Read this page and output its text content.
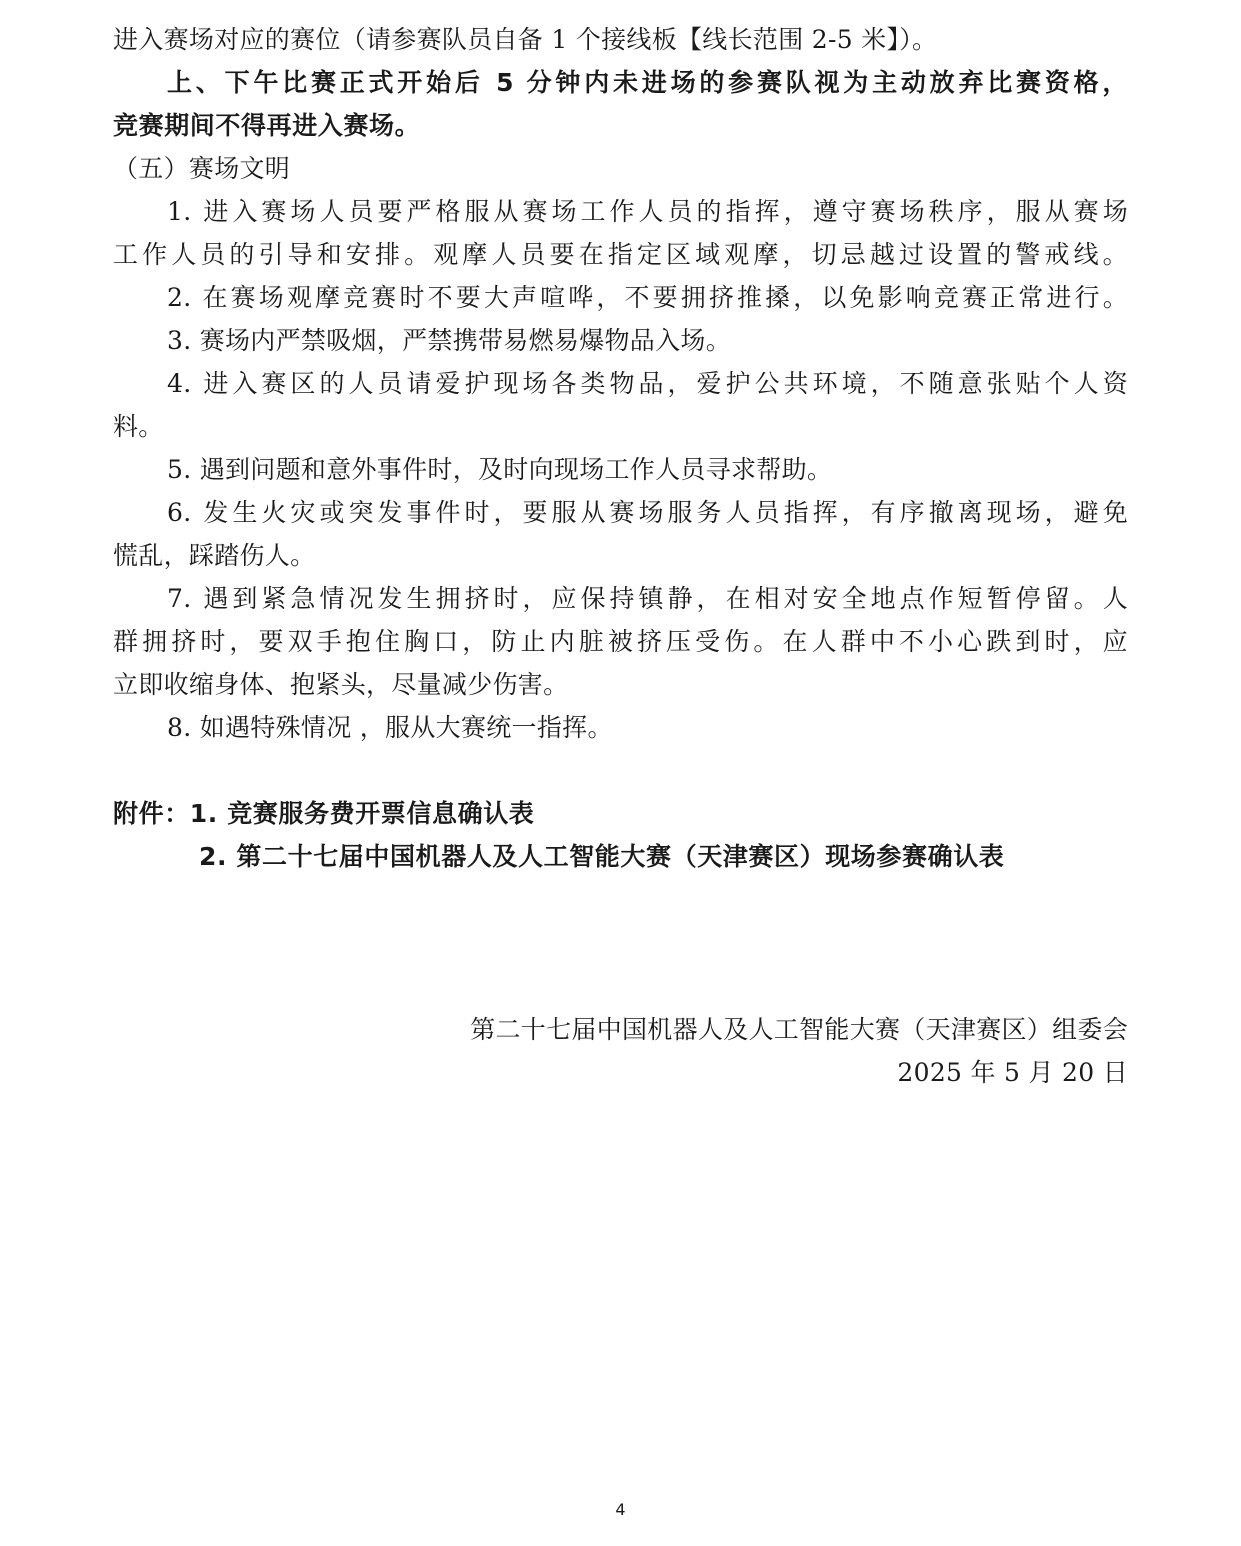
进入赛场对应的赛位（请参赛队员自备 1 个接线板【线长范围 2-5 米】）。
上、下午比赛正式开始后 5 分钟内未进场的参赛队视为主动放弃比赛资格，
竞赛期间不得再进入赛场。
（五）赛场文明
1. 进入赛场人员要严格服从赛场工作人员的指挥，遵守赛场秩序，服从赛场
工作人员的引导和安排。观摩人员要在指定区域观摩，切忌越过设置的警戒线。
2. 在赛场观摩竞赛时不要大声喧哗，不要拥挤推搡，以免影响竞赛正常进行。
3. 赛场内严禁吸烟，严禁携带易燃易爆物品入场。
4. 进入赛区的人员请爱护现场各类物品，爱护公共环境，不随意张贴个人资
料。
5. 遇到问题和意外事件时，及时向现场工作人员寻求帮助。
6. 发生火灾或突发事件时，要服从赛场服务人员指挥，有序撤离现场，避免
慌乱，踩踏伤人。
7. 遇到紧急情况发生拥挤时，应保持镇静，在相对安全地点作短暂停留。人
群拥挤时，要双手抱住胸口，防止内脏被挤压受伤。在人群中不小心跌到时，应
立即收缩身体、抱紧头，尽量减少伤害。
8. 如遇特殊情况 ，服从大赛统一指挥。
附件：1. 竞赛服务费开票信息确认表
2. 第二十七届中国机器人及人工智能大赛（天津赛区）现场参赛确认表
第二十七届中国机器人及人工智能大赛（天津赛区）组委会
2025 年 5 月 20 日
4
